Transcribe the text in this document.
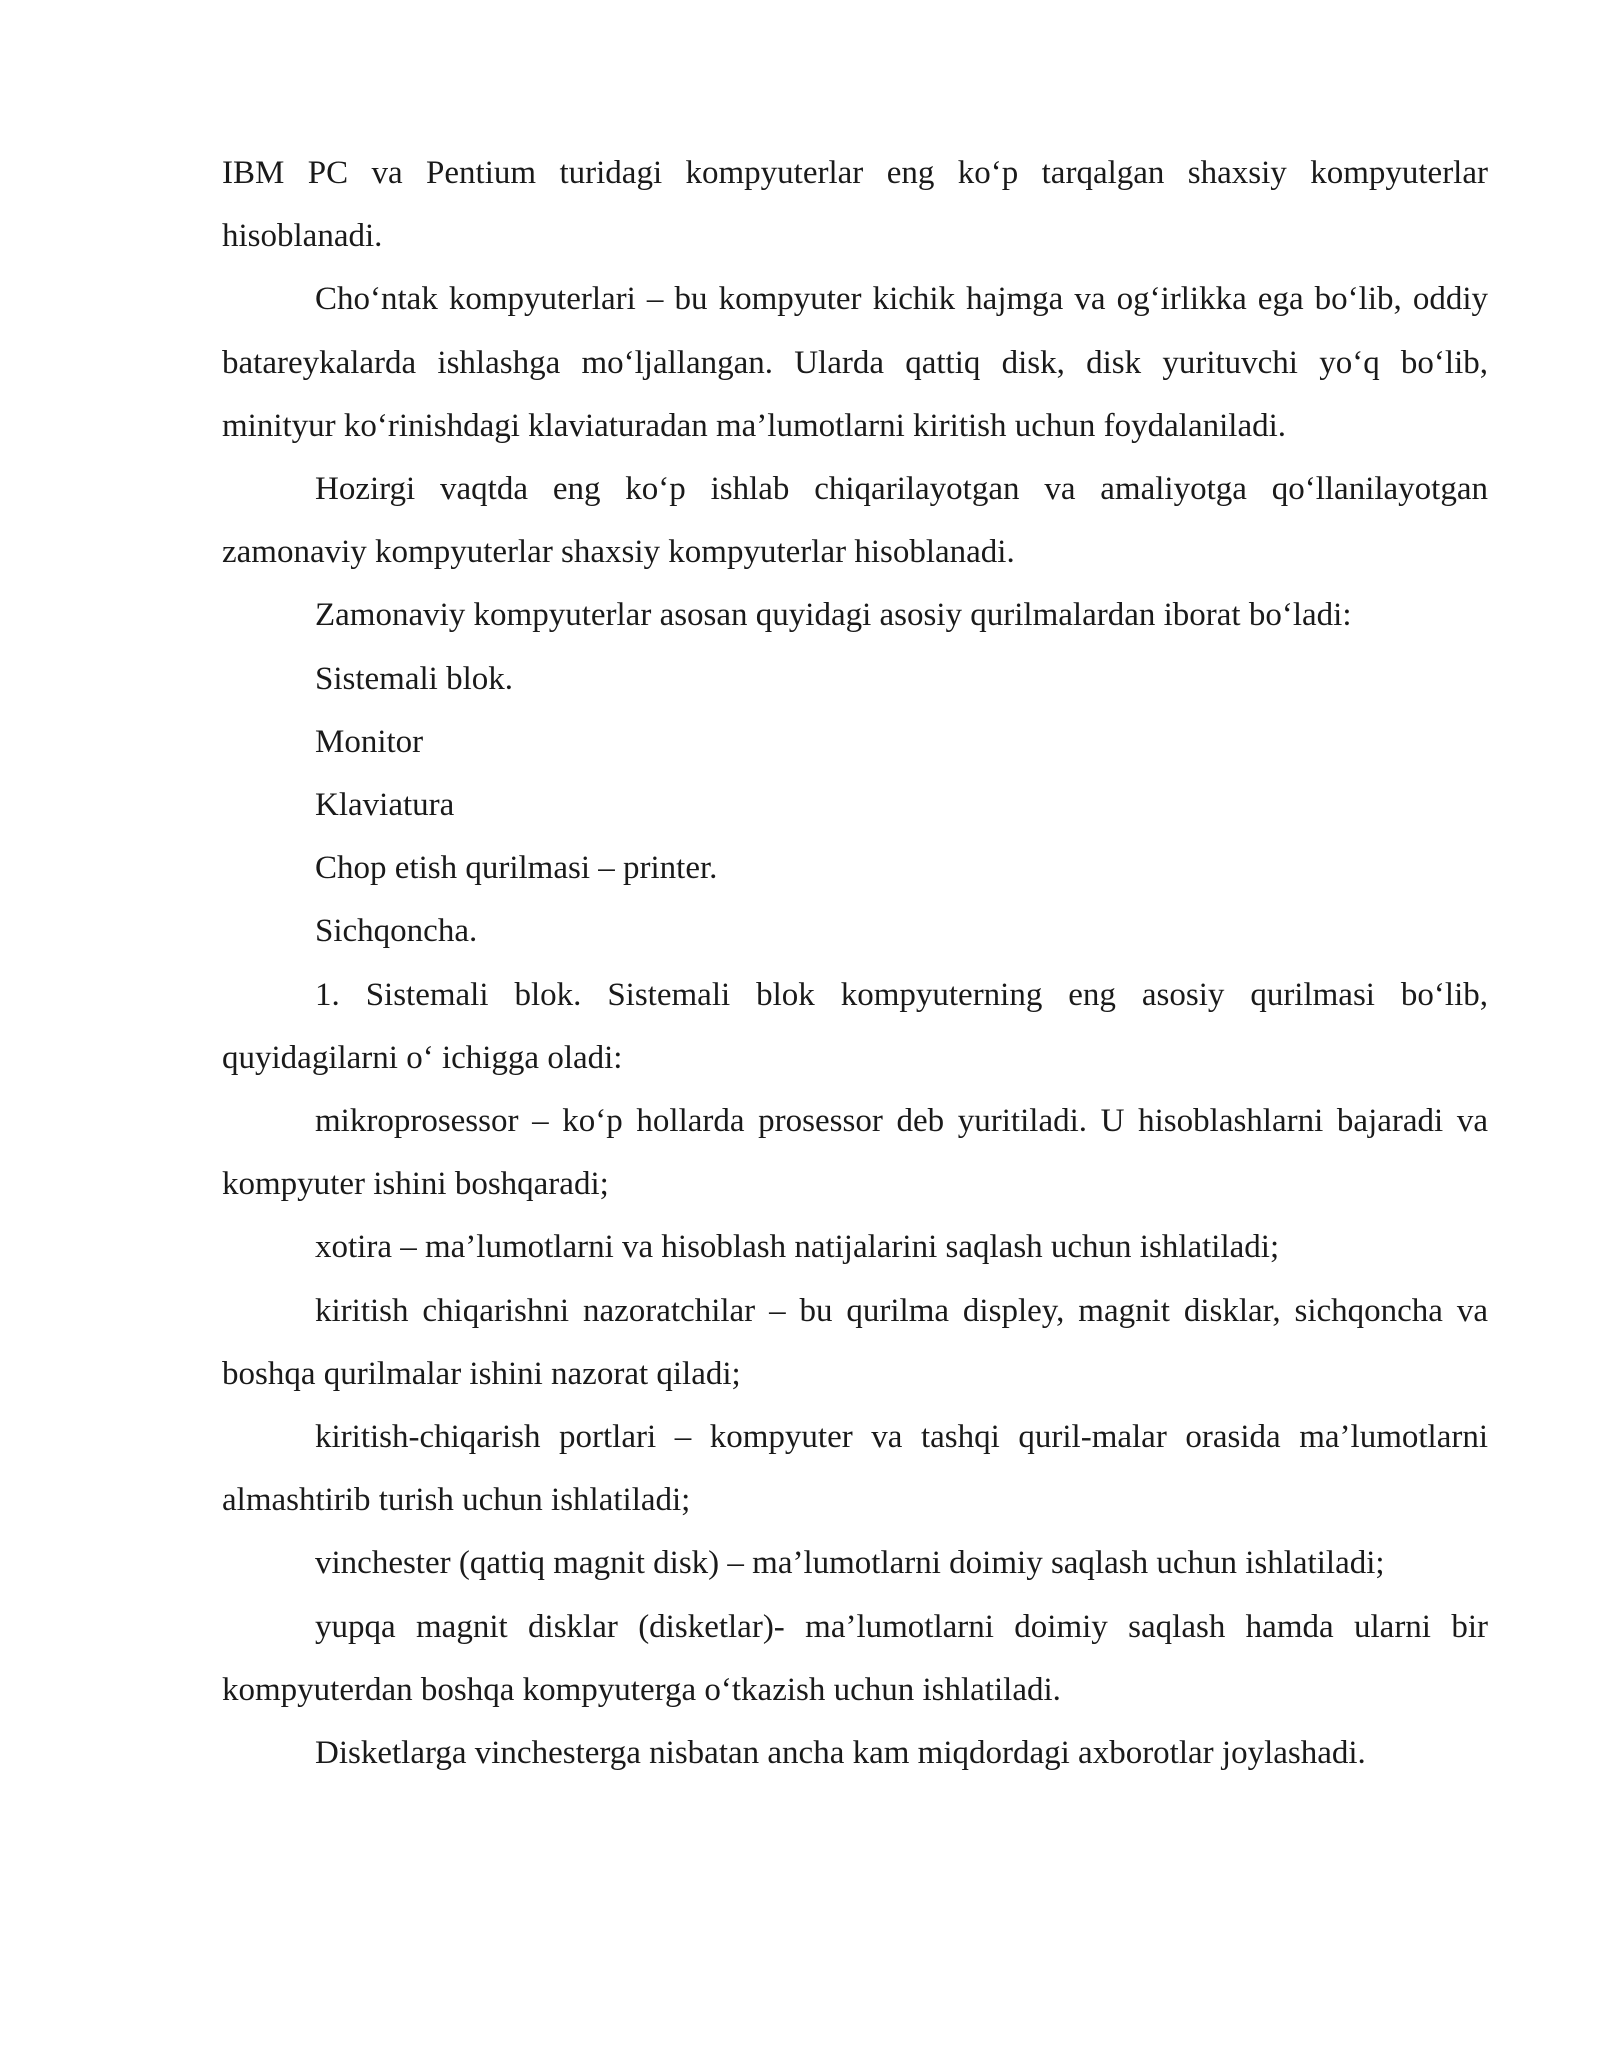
IBM PC va Pentium turidagi kompyuterlar eng ko‘p tarqalgan shaxsiy kompyuterlar hisoblanadi.

Cho‘ntak kompyuterlari – bu kompyuter kichik hajmga va og‘irlikka ega bo‘lib, oddiy batareykalarda ishlashga mo‘ljallangan. Ularda qattiq disk, disk yurituvchi yo‘q bo‘lib, minityur ko‘rinishdagi klaviaturadan ma’lumotlarni kiritish uchun foydalaniladi.

Hozirgi vaqtda eng ko‘p ishlab chiqarilayotgan va amaliyotga qo‘llanilayotgan zamonaviy kompyuterlar shaxsiy kompyuterlar hisoblanadi.

Zamonaviy kompyuterlar asosan quyidagi asosiy qurilmalardan iborat bo‘ladi:

Sistemali blok.

Monitor

Klaviatura

Chop etish qurilmasi – printer.

Sichqoncha.

1. Sistemali blok. Sistemali blok kompyuterning eng asosiy qurilmasi bo‘lib, quyidagilarni o‘ ichigga oladi:

mikroprosessor – ko‘p hollarda prosessor deb yuritiladi. U hisoblashlarni bajaradi va kompyuter ishini boshqaradi;

xotira – ma’lumotlarni va hisoblash natijalarini saqlash uchun ishlatiladi;

kiritish chiqarishni nazoratchilar – bu qurilma displey, magnit disklar, sichqoncha va boshqa qurilmalar ishini nazorat qiladi;

kiritish-chiqarish portlari – kompyuter va tashqi quril-malar orasida ma’lumotlarni almashtirib turish uchun ishlatiladi;

vinchester (qattiq magnit disk) – ma’lumotlarni doimiy saqlash uchun ishlatiladi;

yupqa magnit disklar (disketlar)- ma’lumotlarni doimiy saqlash hamda ularni bir kompyuterdan boshqa kompyuterga o‘tkazish uchun ishlatiladi.

Disketlarga vinchesterga nisbatan ancha kam miqdordagi axborotlar joylashadi.
